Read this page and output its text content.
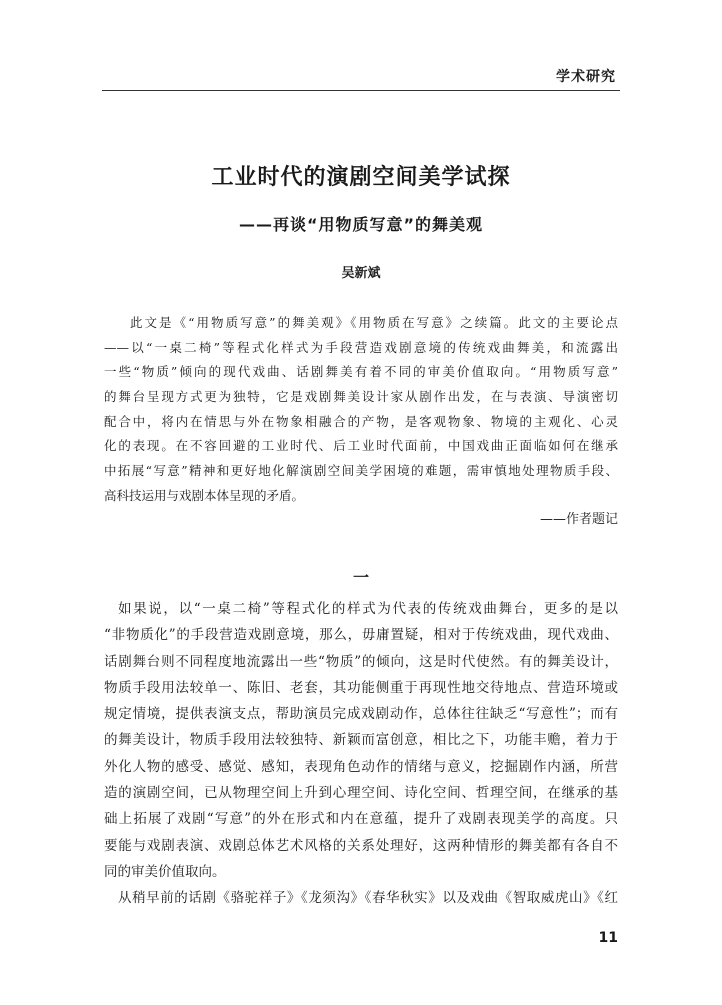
学术研究
工业时代的演剧空间美学试探
——再谈“用物质写意”的舞美观
吴新斌
此文是《“用物质写意”的舞美观》《用物质在写意》之续篇。此文的主要论点
——以“一桌二椅”等程式化样式为手段营造戏剧意境的传统戏曲舞美，和流露出
一些“物质”倾向的现代戏曲、话剧舞美有着不同的审美价值取向。“用物质写意”
的舞台呈现方式更为独特，它是戏剧舞美设计家从剧作出发，在与表演、导演密切
配合中，将内在情思与外在物象相融合的产物，是客观物象、物境的主观化、心灵
化的表现。在不容回避的工业时代、后工业时代面前，中国戏曲正面临如何在继承
中拓展“写意”精神和更好地化解演剧空间美学困境的难题，需审慎地处理物质手段、
高科技运用与戏剧本体呈现的矛盾。
——作者题记
一
如果说，以“一桌二椅”等程式化的样式为代表的传统戏曲舞台，更多的是以
“非物质化”的手段营造戏剧意境，那么，毋庸置疑，相对于传统戏曲，现代戏曲、
话剧舞台则不同程度地流露出一些“物质”的倾向，这是时代使然。有的舞美设计，
物质手段用法较单一、陈旧、老套，其功能侧重于再现性地交待地点、营造环境或
规定情境，提供表演支点，帮助演员完成戏剧动作，总体往往缺乏“写意性”；而有
的舞美设计，物质手段用法较独特、新颖而富创意，相比之下，功能丰赡，着力于
外化人物的感受、感觉、感知，表现角色动作的情绪与意义，挖掘剧作内涵，所营
造的演剧空间，已从物理空间上升到心理空间、诗化空间、哲理空间，在继承的基
础上拓展了戏剧“写意”的外在形式和内在意蕴，提升了戏剧表现美学的高度。只
要能与戏剧表演、戏剧总体艺术风格的关系处理好，这两种情形的舞美都有各自不
同的审美价值取向。
从稍早前的话剧《骆驼祥子》《龙须沟》《春华秋实》以及戏曲《智取威虎山》《红
11
